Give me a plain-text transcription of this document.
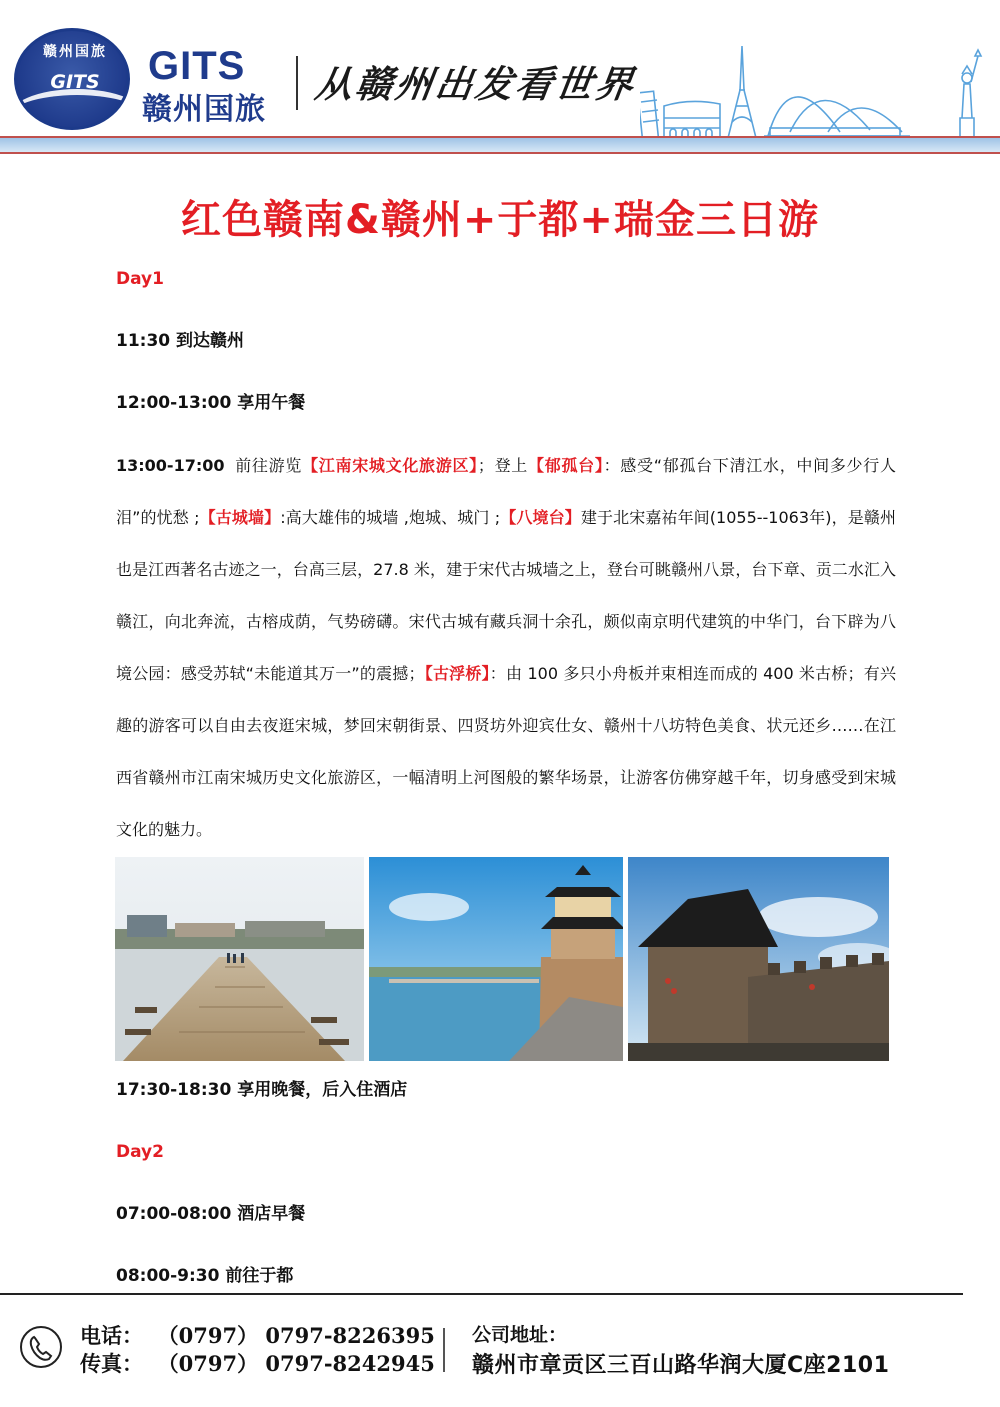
赣州国旅
GITS	GITS
赣州国旅
从赣州出发看世界
红色赣南&赣州+于都+瑞金三日游
Day1
11:30 到达赣州
12:00-13:00 享用午餐
13:00-17:00 前往游览【江南宋城文化旅游区】；登上【郁孤台】：感受“郁孤台下清江水，中间多少行人泪”的忧愁 ;【古城墙】:高大雄伟的城墙 ,炮城、城门 ;【八境台】建于北宋嘉祐年间(1055--1063年)，是赣州也是江西著名古迹之一，台高三层，27.8 米，建于宋代古城墙之上，登台可眺赣州八景，台下章、贡二水汇入赣江，向北奔流，古榕成荫，气势磅礴。宋代古城有藏兵洞十余孔，颇似南京明代建筑的中华门，台下辟为八境公园：感受苏轼“未能道其万一”的震撼；【古浮桥】：由 100 多只小舟板并束相连而成的 400 米古桥；有兴趣的游客可以自由去夜逛宋城，梦回宋朝街景、四贤坊外迎宾仕女、赣州十八坊特色美食、状元还乡……在江西省赣州市江南宋城历史文化旅游区，一幅清明上河图般的繁华场景，让游客仿佛穿越千年，切身感受到宋城文化的魅力。
17:30-18:30 享用晚餐，后入住酒店
Day2
07:00-08:00 酒店早餐
08:00-9:30 前往于都
电话：  （0797） 0797-8226395
传真：  （0797） 0797-8242945
公司地址：
赣州市章贡区三百山路华润大厦C座2101
